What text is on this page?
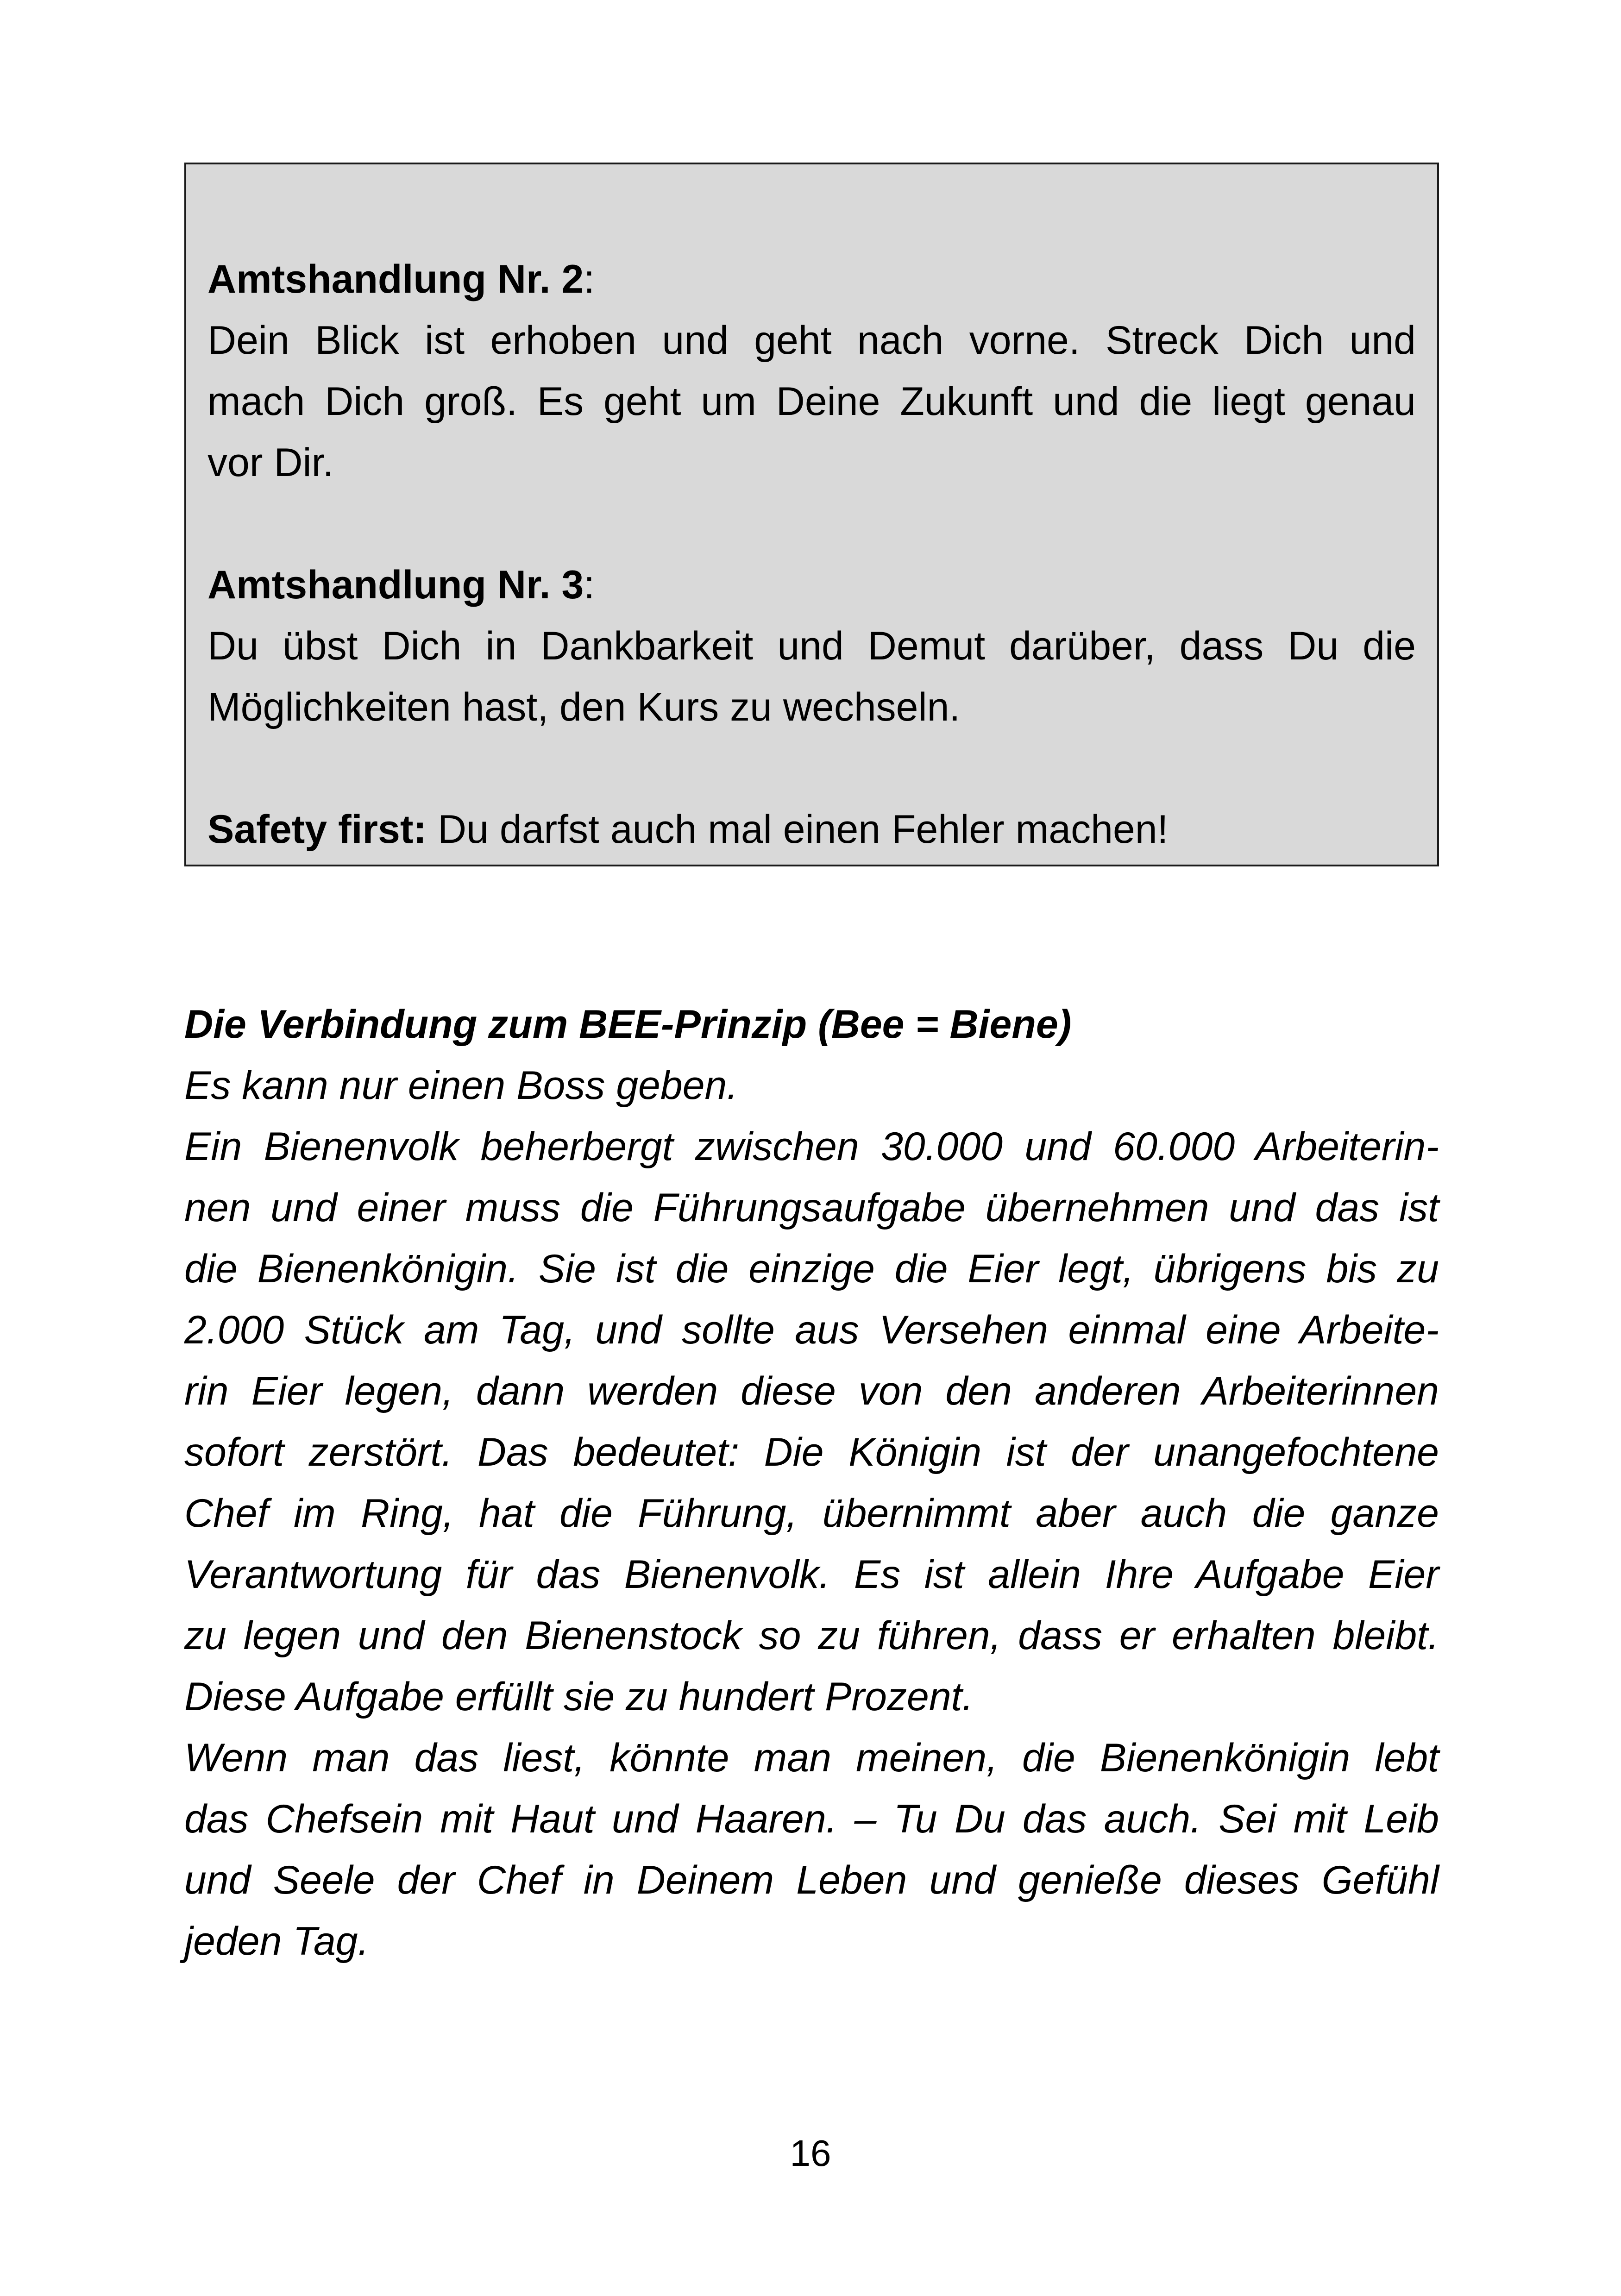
Amtshandlung Nr. 2:
Dein Blick ist erhoben und geht nach vorne. Streck Dich und
mach Dich groß. Es geht um Deine Zukunft und die liegt genau
vor Dir.

Amtshandlung Nr. 3:
Du übst Dich in Dankbarkeit und Demut darüber, dass Du die
Möglichkeiten hast, den Kurs zu wechseln.

Safety first: Du darfst auch mal einen Fehler machen!

Die Verbindung zum BEE-Prinzip (Bee = Biene)
Es kann nur einen Boss geben.
Ein Bienenvolk beherbergt zwischen 30.000 und 60.000 Arbeiterin-
nen und einer muss die Führungsaufgabe übernehmen und das ist
die Bienenkönigin. Sie ist die einzige die Eier legt, übrigens bis zu
2.000 Stück am Tag, und sollte aus Versehen einmal eine Arbeite-
rin Eier legen, dann werden diese von den anderen Arbeiterinnen
sofort zerstört. Das bedeutet: Die Königin ist der unangefochtene
Chef im Ring, hat die Führung, übernimmt aber auch die ganze
Verantwortung für das Bienenvolk. Es ist allein Ihre Aufgabe Eier
zu legen und den Bienenstock so zu führen, dass er erhalten bleibt.
Diese Aufgabe erfüllt sie zu hundert Prozent.
Wenn man das liest, könnte man meinen, die Bienenkönigin lebt
das Chefsein mit Haut und Haaren. – Tu Du das auch. Sei mit Leib
und Seele der Chef in Deinem Leben und genieße dieses Gefühl
jeden Tag.
16
